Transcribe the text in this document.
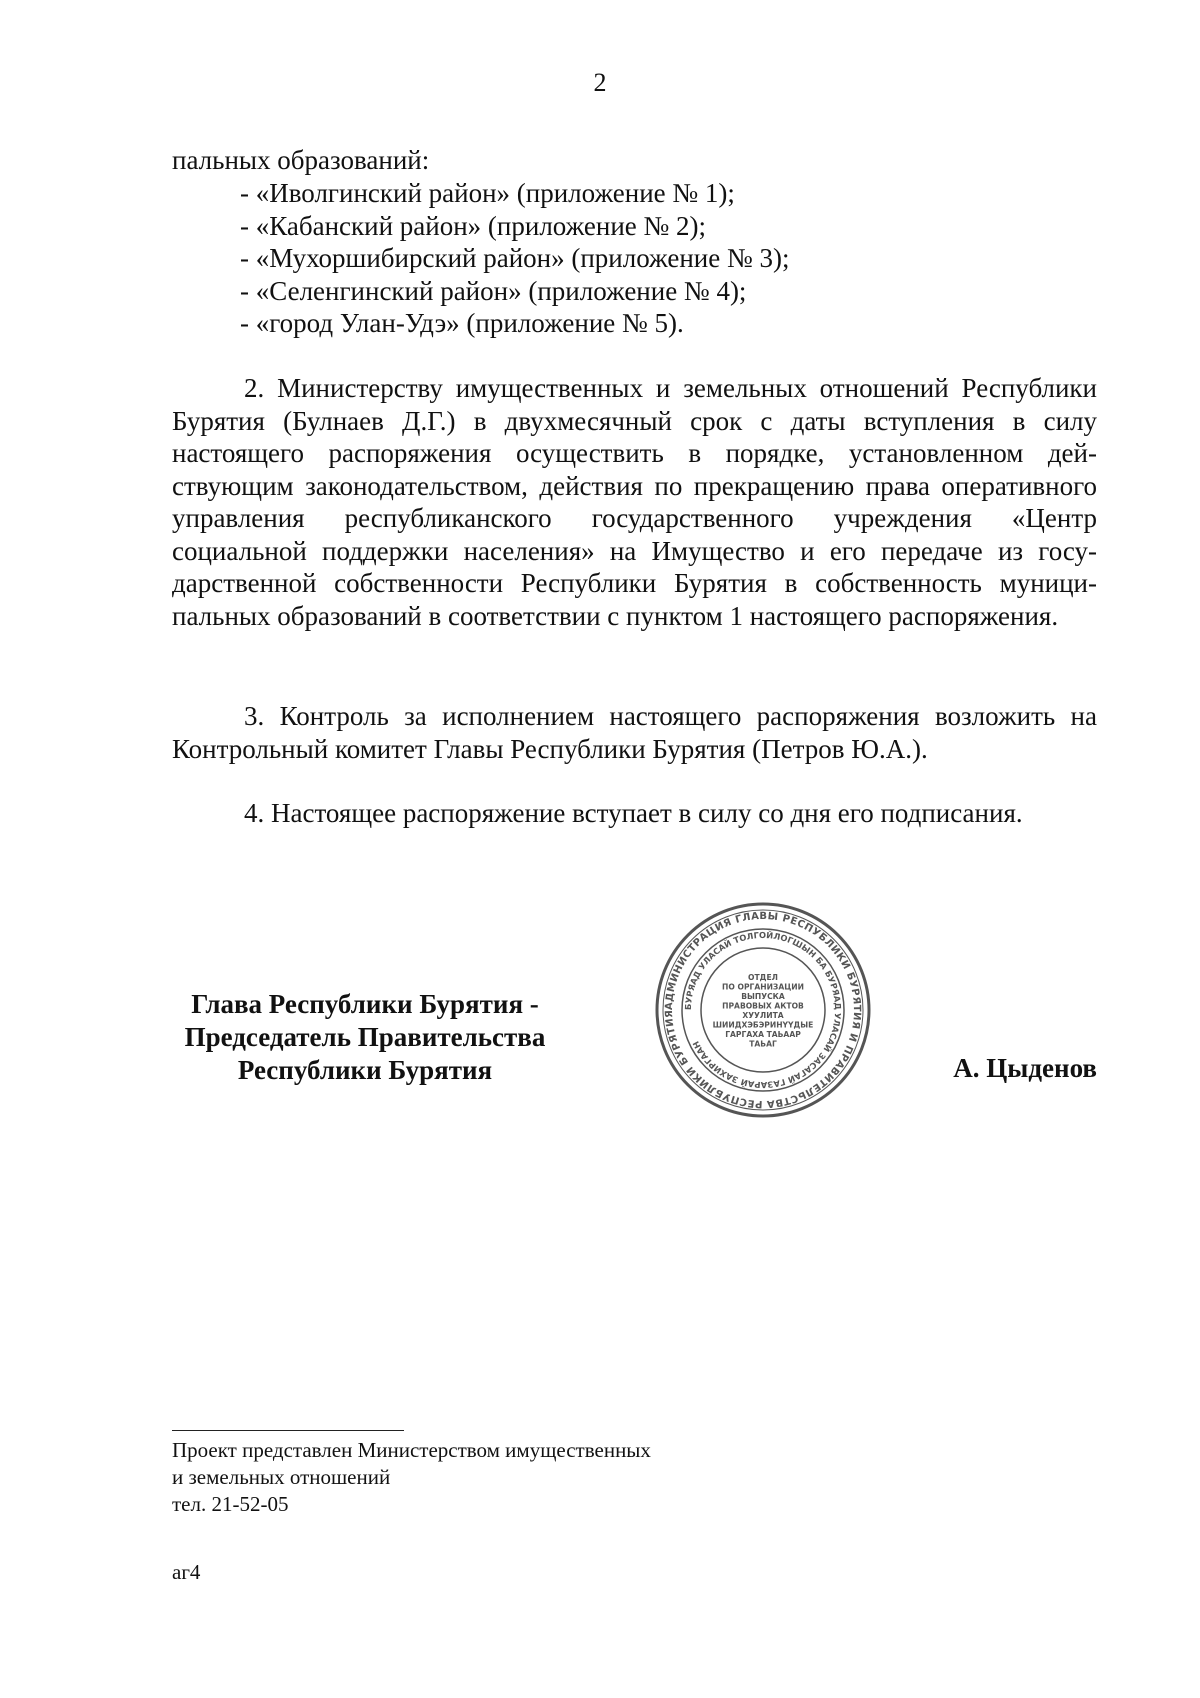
2
пальных образований:
- «Иволгинский район» (приложение № 1);
- «Кабанский район» (приложение № 2);
- «Мухоршибирский район» (приложение № 3);
- «Селенгинский район» (приложение № 4);
- «город Улан-Удэ» (приложение № 5).
2. Министерству имущественных и земельных отношений Республики Бурятия (Булнаев Д.Г.) в двухмесячный срок с даты вступления в силу настоящего распоряжения осуществить в порядке, установленном действующим законодательством, действия по прекращению права оперативного управления республиканского государственного учреждения «Центр социальной поддержки населения» на Имущество и его передаче из государственной собственности Республики Бурятия в собственность муниципальных образований в соответствии с пунктом 1 настоящего распоряжения.
3. Контроль за исполнением настоящего распоряжения возложить на Контрольный комитет Главы Республики Бурятия (Петров Ю.А.).
4. Настоящее распоряжение вступает в силу со дня его подписания.
Глава Республики Бурятия -
Председатель Правительства
Республики Бурятия
АДМИНИСТРАЦИЯ ГЛАВЫ РЕСПУБЛИКИ БУРЯТИЯ И ПРАВИТЕЛЬСТВА РЕСПУБЛИКИ БУРЯТИЯ
БУРЯАД УЛАСАЙ ТОЛГОЙЛОГШЫН БА БУРЯАД УЛАСАЙ ЗАСАГАЙ ГАЗАРАЙ ЗАХИРГААН
ОТДЕЛ
ПО ОРГАНИЗАЦИИ
ВЫПУСКА
ПРАВОВЫХ АКТОВ
ХУУЛИТА
ШИИДХЭБЭРИНҮҮДЫЕ
ГАРГАХА ТАЬААР
ТАЬАГ
А. Цыденов
Проект представлен Министерством имущественных
и земельных отношений
тел. 21-52-05
аг4
